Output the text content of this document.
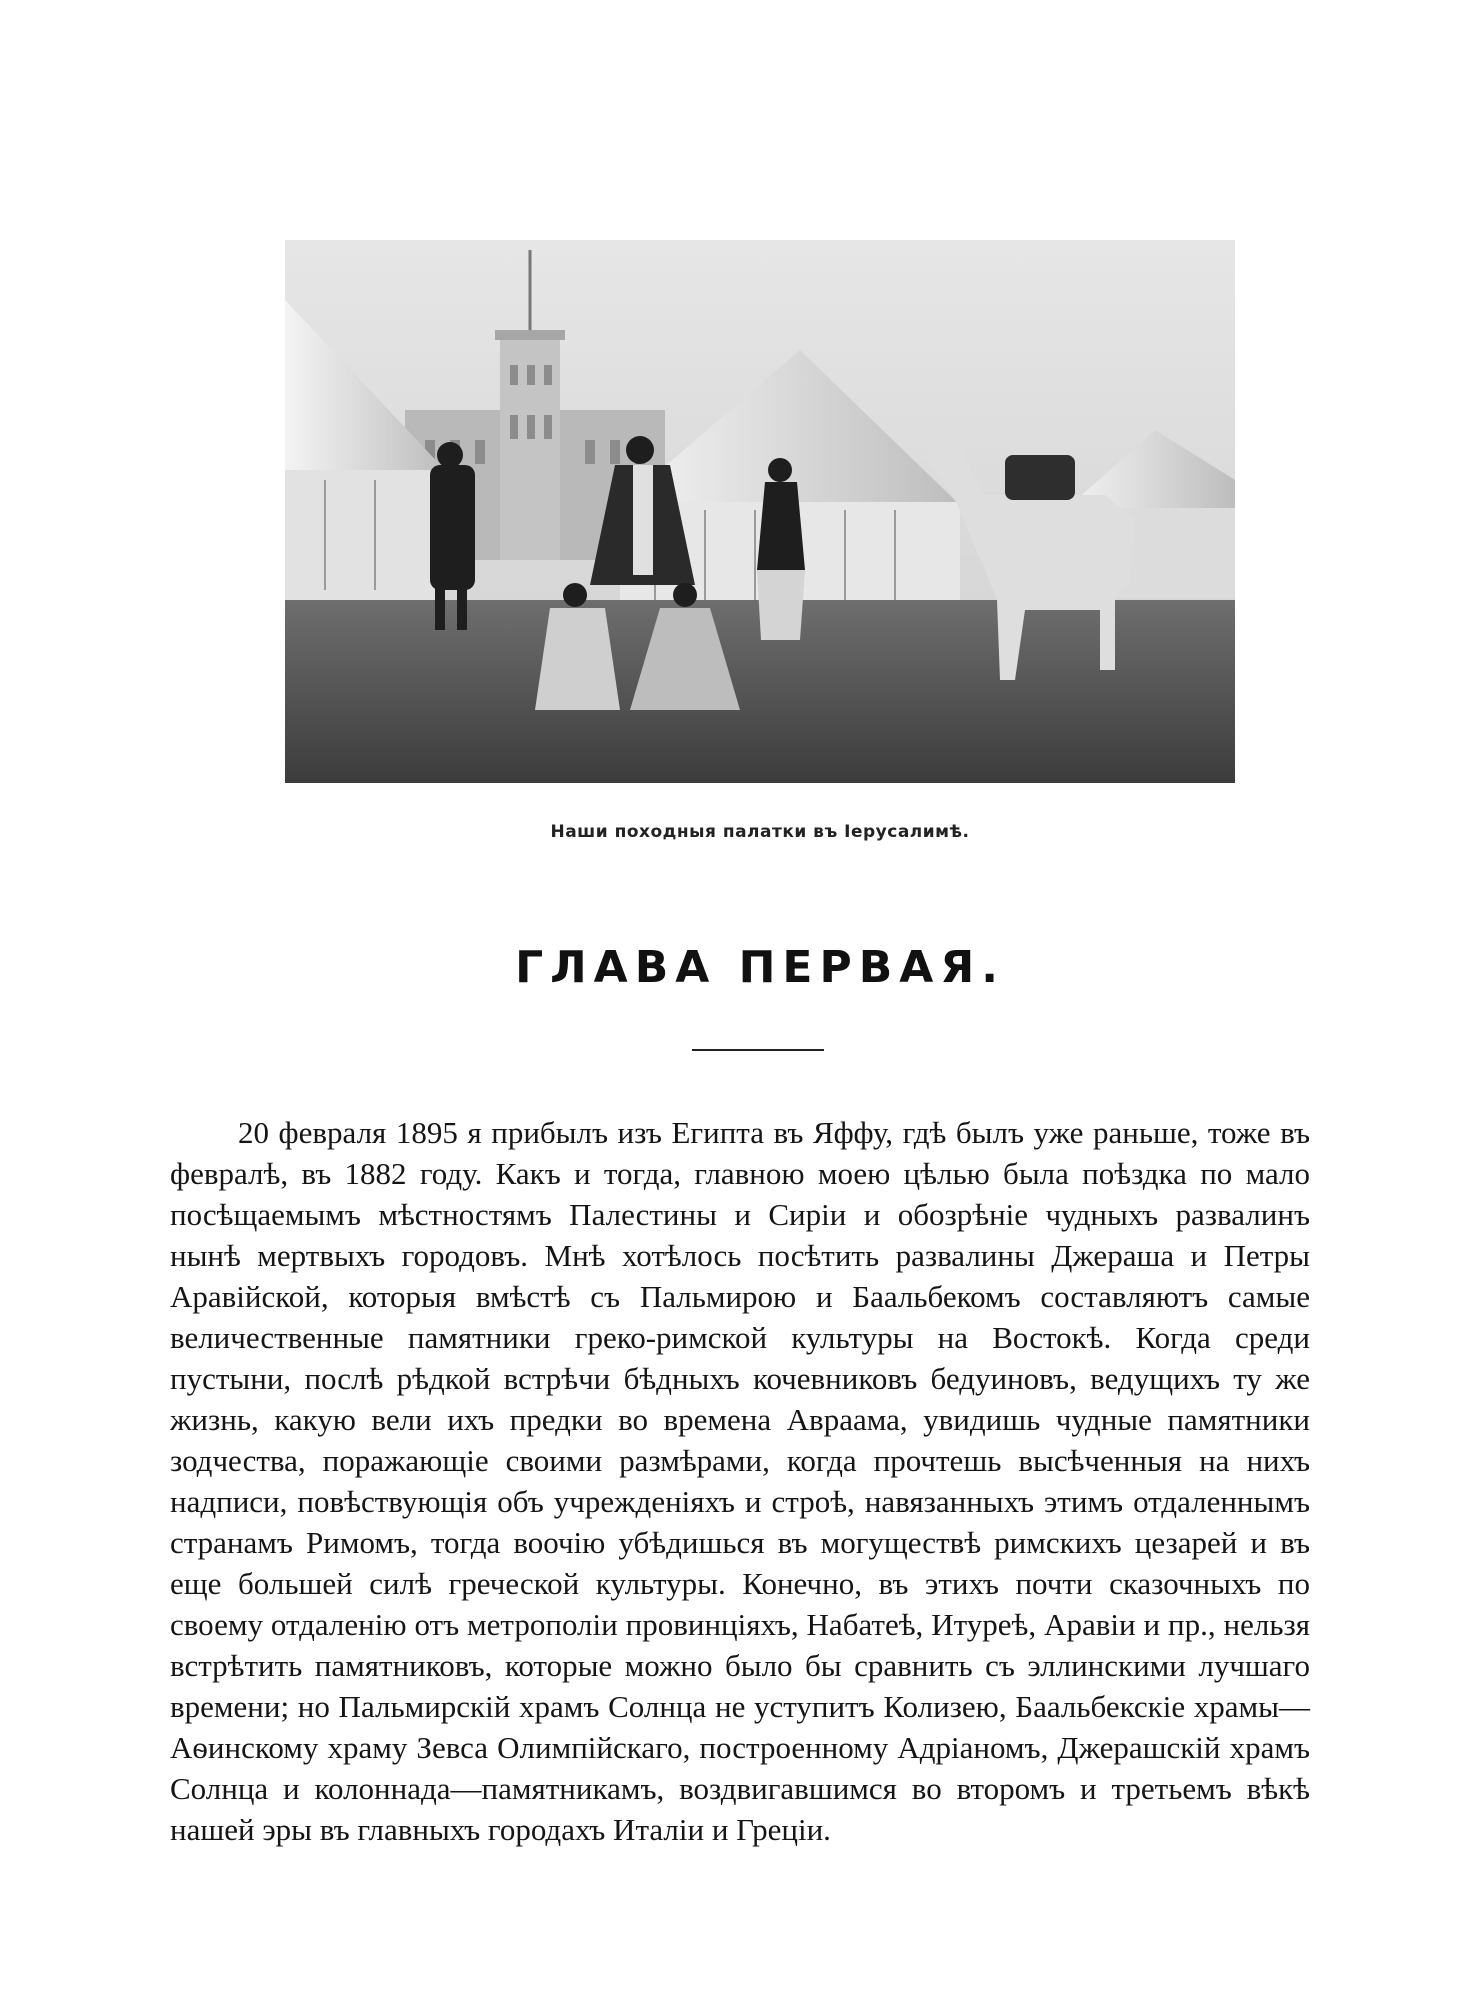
Наши походныя палатки въ Iерусалимѣ.
ГЛАВА ПЕРВАЯ.

20 февраля 1895 я прибылъ изъ Египта въ Яффу, гдѣ былъ уже раньше, тоже въ февралѣ, въ 1882 году. Какъ и тогда, главною моею цѣлью была поѣздка по мало посѣщаемымъ мѣстностямъ Палестины и Сиріи и обозрѣніе чудныхъ развалинъ нынѣ мертвыхъ городовъ. Мнѣ хотѣлось посѣтить развалины Джераша и Петры Аравійской, которыя вмѣстѣ съ Пальмирою и Баальбекомъ составляютъ самые величественные памятники греко-римской культуры на Востокѣ. Когда среди пустыни, послѣ рѣдкой встрѣчи бѣдныхъ кочевниковъ бедуиновъ, ведущихъ ту же жизнь, какую вели ихъ предки во времена Авраама, увидишь чудные памятники зодчества, поражающіе своими размѣрами, когда прочтешь высѣченныя на нихъ надписи, повѣствующія объ учрежденіяхъ и строѣ, навязанныхъ этимъ отдаленнымъ странамъ Римомъ, тогда воочію убѣдишься въ могуществѣ римскихъ цезарей и въ еще большей силѣ греческой культуры. Конечно, въ этихъ почти сказочныхъ по своему отдаленію отъ метрополіи провинціяхъ, Набатеѣ, Итуреѣ, Аравіи и пр., нельзя встрѣтить памятниковъ, которые можно было бы сравнить съ эллинскими лучшаго времени; но Пальмирскій храмъ Солнца не уступитъ Колизею, Баальбекскіе храмы—Аѳинскому храму Зевса Олимпійскаго, построенному Адріаномъ, Джерашскій храмъ Солнца и колоннада—памятникамъ, воздвигавшимся во второмъ и третьемъ вѣкѣ нашей эры въ главныхъ городахъ Италіи и Греціи.
